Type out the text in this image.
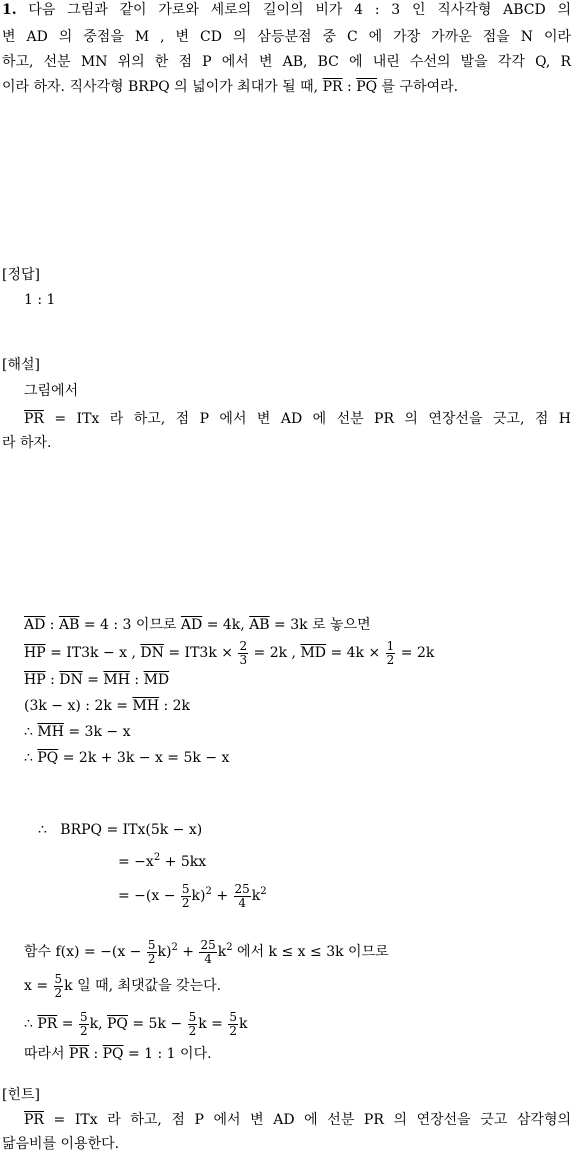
1. 다음 그림과 같이 가로와 세로의 길이의 비가 4 : 3 인 직사각형 ABCD 의
변 AD 의 중점을 M , 변 CD 의 삼등분점 중 C 에 가장 가까운 점을 N 이라
하고, 선분 MN 위의 한 점 P 에서 변 AB, BC 에 내린 수선의 발을 각각 Q, R
이라 하자. 직사각형 BRPQ 의 넓이가 최대가 될 때, $\overline{PR}$ : $\overline{PQ}$ 를 구하여라.
[정답]
1 : 1
[해설]
그림에서
$\overline{PR}$ = ITx 라 하고, 점 P 에서 변 AD 에 선분 PR 의 연장선을 긋고, 점 H
라 하자.
$\overline{AD}$ : $\overline{AB} = 4$ : 3 이므로 $\overline{AD} = 4k$, $\overline{AB} = 3k$ 로 놓으면
$\overline{HP} = IT3k - x$ , $\overline{DN} = IT3k \times \frac{2}{3} = 2k$ , $\overline{MD} = 4k \times \frac{1}{2} = 2k$
$\overline{HP}$ : $\overline{DN} = \overline{MH}$ : $\overline{MD}$
(3k − x) : $2k = \overline{MH}$ : 2k
∴ $\overline{MH} = 3k - x$
∴ $\overline{PQ} = 2k + 3k - x = 5k - x$
∴ BRPQ = ITx(5k − x)
= $-x^2 + 5kx$
= $-(x - \frac{5}{2} k)^2 + \frac{25}{4} k^2$
함수 $f(x) = -(x - \frac{5}{2} k)^2 + \frac{25}{4} k^2$ 에서 k ≤ x ≤ 3k 이므로
$x = \frac{5}{2}$ k 일 때, 최댓값을 갖는다.
∴ $\overline{PR} = \frac{5}{2} k$, $\overline{PQ} = 5k - \frac{5}{2}$ $k = \frac{5}{2}$ k
따라서 $\overline{PR}$ : $\overline{PQ} = 1$ : 1 이다.
[힌트]
$\overline{PR}$ = ITx 라 하고, 점 P 에서 변 AD 에 선분 PR 의 연장선을 긋고 삼각형의
닮음비를 이용한다.
